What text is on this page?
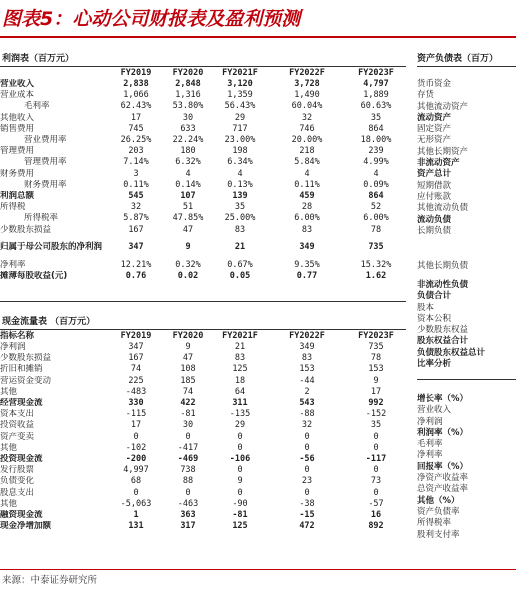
图表5：心动公司财报表及盈利预测
利润表（百万元）
	FY2019	FY2020	FY2021F	FY2022F	FY2023F
营业收入	2,838	2,848	3,120	3,728	4,797
营业成本	1,066	1,316	1,359	1,490	1,889
毛利率	62.43%	53.80%	56.43%	60.04%	60.63%
其他收入	17	30	29	32	35
销售费用	745	633	717	746	864
营业费用率	26.25%	22.24%	23.00%	20.00%	18.00%
管理费用	203	180	198	218	239
管理费用率	7.14%	6.32%	6.34%	5.84%	4.99%
财务费用	3	4	4	4	4
财务费用率	0.11%	0.14%	0.13%	0.11%	0.09%
利润总额	545	107	139	459	864
所得税	32	51	35	28	52
所得税率	5.87%	47.85%	25.00%	6.00%	6.00%
少数股东损益	167	47	83	83	78
归属于母公司股东的净利润	347	9	21	349	735
净利率	12.21%	0.32%	0.67%	9.35%	15.32%
摊薄每股收益(元)	0.76	0.02	0.05	0.77	1.62
现金流量表 （百万元）
指标名称	FY2019	FY2020	FY2021F	FY2022F	FY2023F
净利润	347	9	21	349	735
少数股东损益	167	47	83	83	78
折旧和摊销	74	108	125	153	153
营运资金变动	225	185	18	-44	9
其他	-483	74	64	2	17
经营现金流	330	422	311	543	992
资本支出	-115	-81	-135	-88	-152
投资收益	17	30	29	32	35
资产变卖	0	0	0	0	0
其他	-102	-417	0	0	0
投资现金流	-200	-469	-106	-56	-117
发行股票	4,997	738	0	0	0
负债变化	68	88	9	23	73
股息支出	0	0	0	0	0
其他	-5,063	-463	-90	-38	-57
融资现金流	1	363	-81	-15	16
现金净增加额	131	317	125	472	892
资产负债表（百万）
货币资金
存货
其他流动资产
流动资产
固定资产
无形资产
其他长期资产
非流动资产
资产总计
短期借款
应付账款
其他流动负债
流动负债
长期负债
其他长期负债
非流动性负债
负债合计
股本
资本公积
少数股东权益
股东权益合计
负债股东权益总计
比率分析
增长率（%）
营业收入
净利润
利润率（%）
毛利率
净利率
回报率（%）
净资产收益率
总资产收益率
其他（%）
资产负债率
所得税率
股利支付率
来源：中泰证券研究所
